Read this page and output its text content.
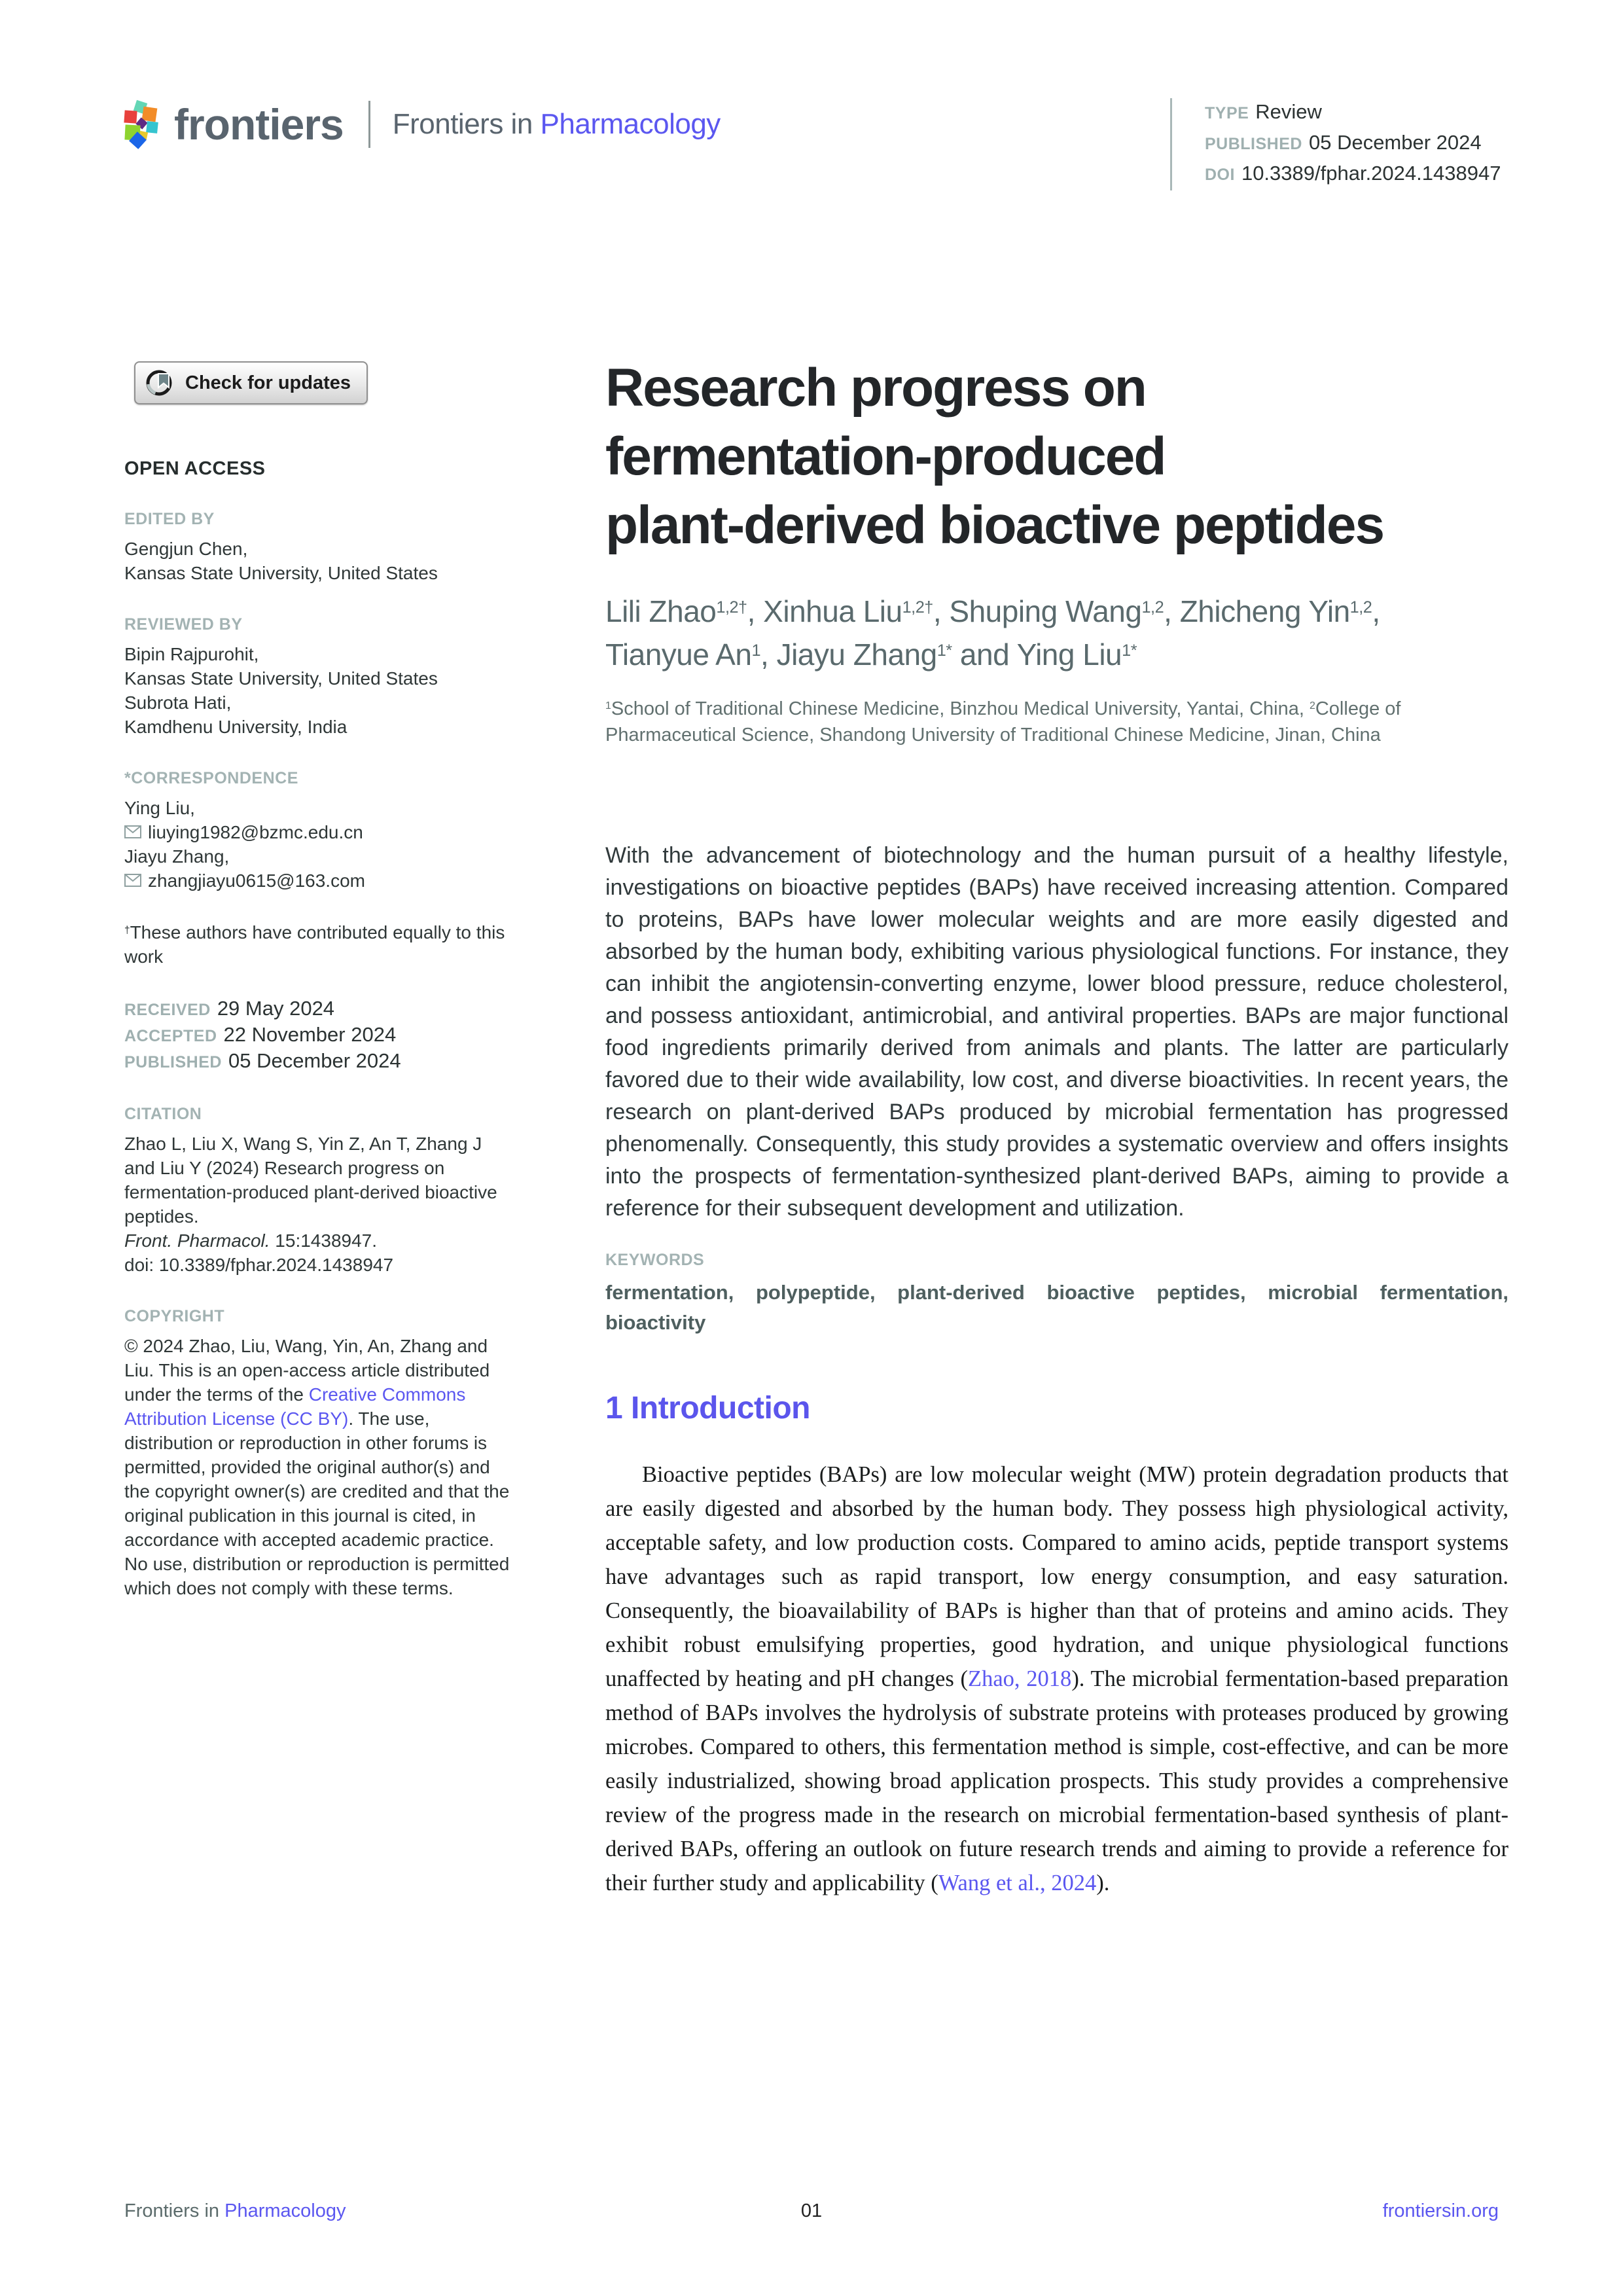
frontiers Frontiers in Pharmacology	TYPE Review
PUBLISHED 05 December 2024
DOI 10.3389/fphar.2024.1438947
Check for updates
OPEN ACCESS
EDITED BY
Gengjun Chen,
Kansas State University, United States
REVIEWED BY
Bipin Rajpurohit,
Kansas State University, United States
Subrota Hati,
Kamdhenu University, India
*CORRESPONDENCE
Ying Liu,
liuying1982@bzmc.edu.cn
Jiayu Zhang,
zhangjiayu0615@163.com
†These authors have contributed equally to this work
RECEIVED 29 May 2024
ACCEPTED 22 November 2024
PUBLISHED 05 December 2024
CITATION
Zhao L, Liu X, Wang S, Yin Z, An T, Zhang J and Liu Y (2024) Research progress on fermentation-produced plant-derived bioactive peptides.
Front. Pharmacol. 15:1438947.
doi: 10.3389/fphar.2024.1438947
COPYRIGHT
© 2024 Zhao, Liu, Wang, Yin, An, Zhang and Liu. This is an open-access article distributed under the terms of the Creative Commons Attribution License (CC BY). The use, distribution or reproduction in other forums is permitted, provided the original author(s) and the copyright owner(s) are credited and that the original publication in this journal is cited, in accordance with accepted academic practice. No use, distribution or reproduction is permitted which does not comply with these terms.
Research progress on
fermentation-produced
plant-derived bioactive peptides
Lili Zhao$^{1,2\dagger}$, Xinhua Liu$^{1,2\dagger}$, Shuping Wang$^{1,2}$, Zhicheng Yin$^{1,2}$,
Tianyue An$^1$, Jiayu Zhang$^{1*}$ and Ying Liu$^{1*}$
$^1$School of Traditional Chinese Medicine, Binzhou Medical University, Yantai, China, $^2$College of Pharmaceutical Science, Shandong University of Traditional Chinese Medicine, Jinan, China
With the advancement of biotechnology and the human pursuit of a healthy lifestyle, investigations on bioactive peptides (BAPs) have received increasing attention. Compared to proteins, BAPs have lower molecular weights and are more easily digested and absorbed by the human body, exhibiting various physiological functions. For instance, they can inhibit the angiotensin-converting enzyme, lower blood pressure, reduce cholesterol, and possess antioxidant, antimicrobial, and antiviral properties. BAPs are major functional food ingredients primarily derived from animals and plants. The latter are particularly favored due to their wide availability, low cost, and diverse bioactivities. In recent years, the research on plant-derived BAPs produced by microbial fermentation has progressed phenomenally. Consequently, this study provides a systematic overview and offers insights into the prospects of fermentation-synthesized plant-derived BAPs, aiming to provide a reference for their subsequent development and utilization.
KEYWORDS
fermentation, polypeptide, plant-derived bioactive peptides, microbial fermentation, bioactivity
1 Introduction

Bioactive peptides (BAPs) are low molecular weight (MW) protein degradation products that are easily digested and absorbed by the human body. They possess high physiological activity, acceptable safety, and low production costs. Compared to amino acids, peptide transport systems have advantages such as rapid transport, low energy consumption, and easy saturation. Consequently, the bioavailability of BAPs is higher than that of proteins and amino acids. They exhibit robust emulsifying properties, good hydration, and unique physiological functions unaffected by heating and pH changes (Zhao, 2018). The microbial fermentation-based preparation method of BAPs involves the hydrolysis of substrate proteins with proteases produced by growing microbes. Compared to others, this fermentation method is simple, cost-effective, and can be more easily industrialized, showing broad application prospects. This study provides a comprehensive review of the progress made in the research on microbial fermentation-based synthesis of plant-derived BAPs, offering an outlook on future research trends and aiming to provide a reference for their further study and applicability (Wang et al., 2024).

Frontiers in Pharmacology	01	frontiersin.org
